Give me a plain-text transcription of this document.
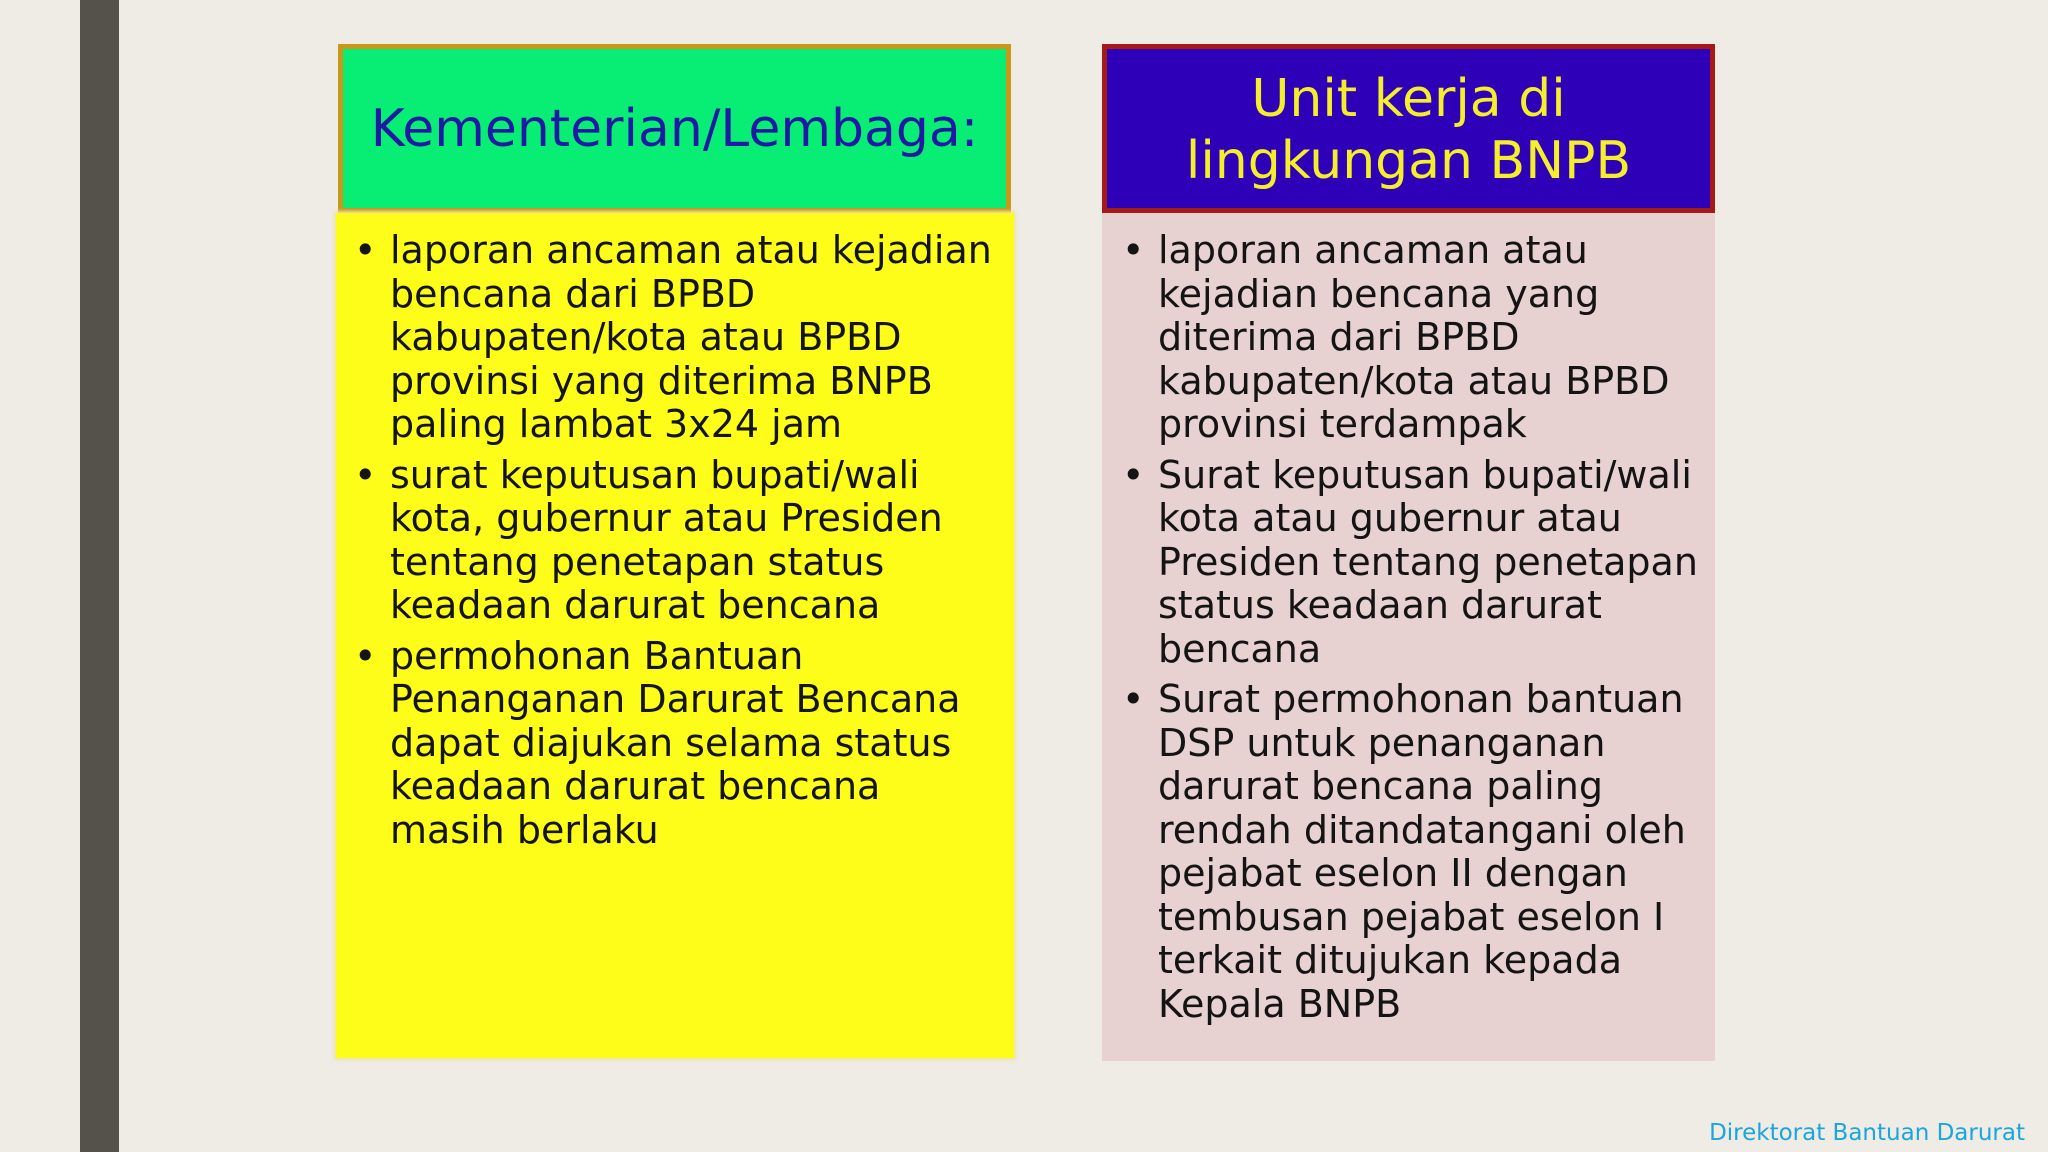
Kementerian/Lembaga:
• laporan ancaman atau kejadian bencana dari BPBD kabupaten/kota atau BPBD provinsi yang diterima BNPB paling lambat 3x24 jam
• surat keputusan bupati/wali kota, gubernur atau Presiden tentang penetapan status keadaan darurat bencana
• permohonan Bantuan Penanganan Darurat Bencana dapat diajukan selama status keadaan darurat bencana masih berlaku
Unit kerja di lingkungan BNPB
• laporan ancaman atau kejadian bencana yang diterima dari BPBD kabupaten/kota atau BPBD provinsi terdampak
• Surat keputusan bupati/wali kota atau gubernur atau Presiden tentang penetapan status keadaan darurat bencana
• Surat permohonan bantuan DSP untuk penanganan darurat bencana paling rendah ditandatangani oleh pejabat eselon II dengan tembusan pejabat eselon I terkait ditujukan kepada Kepala BNPB
Direktorat Bantuan Darurat
